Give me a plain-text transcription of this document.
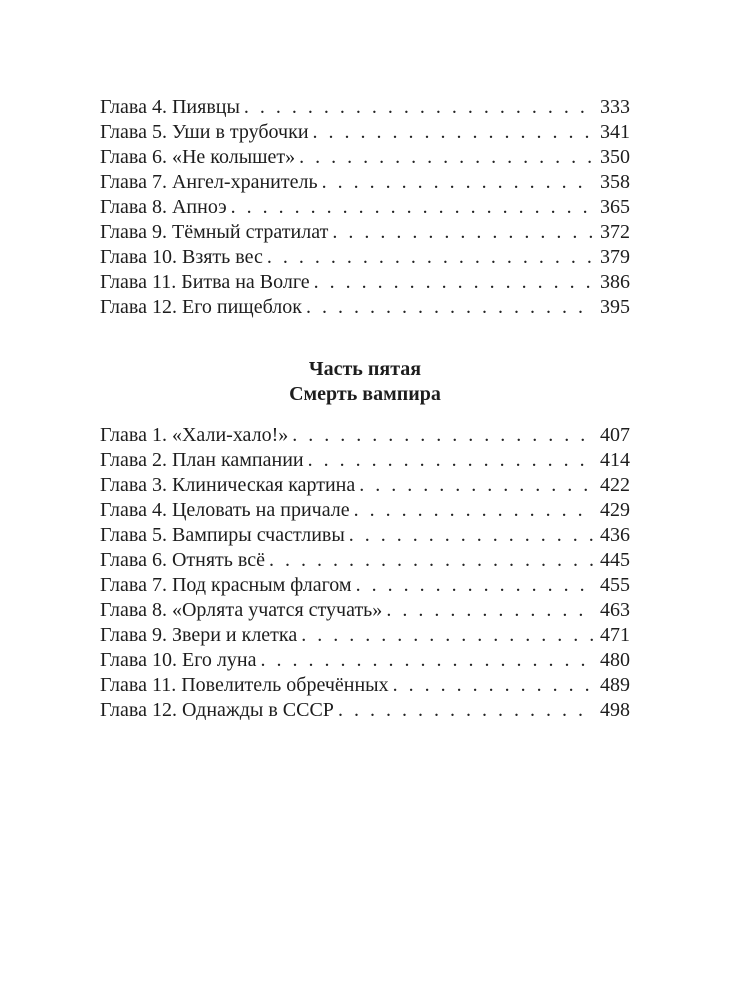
Глава 4. Пиявцы . . .	333
Глава 5. Уши в трубочки . . .	341
Глава 6. «Не колышет» . . .	350
Глава 7. Ангел-хранитель . . .	358
Глава 8. Апноэ . . .	365
Глава 9. Тёмный стратилат . . .	372
Глава 10. Взять вес . . .	379
Глава 11. Битва на Волге . . .	386
Глава 12. Его пищеблок . . .	395
Часть пятая
Смерть вампира
Глава 1. «Хали-хало!» . . .	407
Глава 2. План кампании . . .	414
Глава 3. Клиническая картина . . .	422
Глава 4. Целовать на причале . . .	429
Глава 5. Вампиры счастливы . . .	436
Глава 6. Отнять всё . . .	445
Глава 7. Под красным флагом . . .	455
Глава 8. «Орлята учатся стучать» . . .	463
Глава 9. Звери и клетка . . .	471
Глава 10. Его луна . . .	480
Глава 11. Повелитель обречённых . . .	489
Глава 12. Однажды в СССР . . .	498
